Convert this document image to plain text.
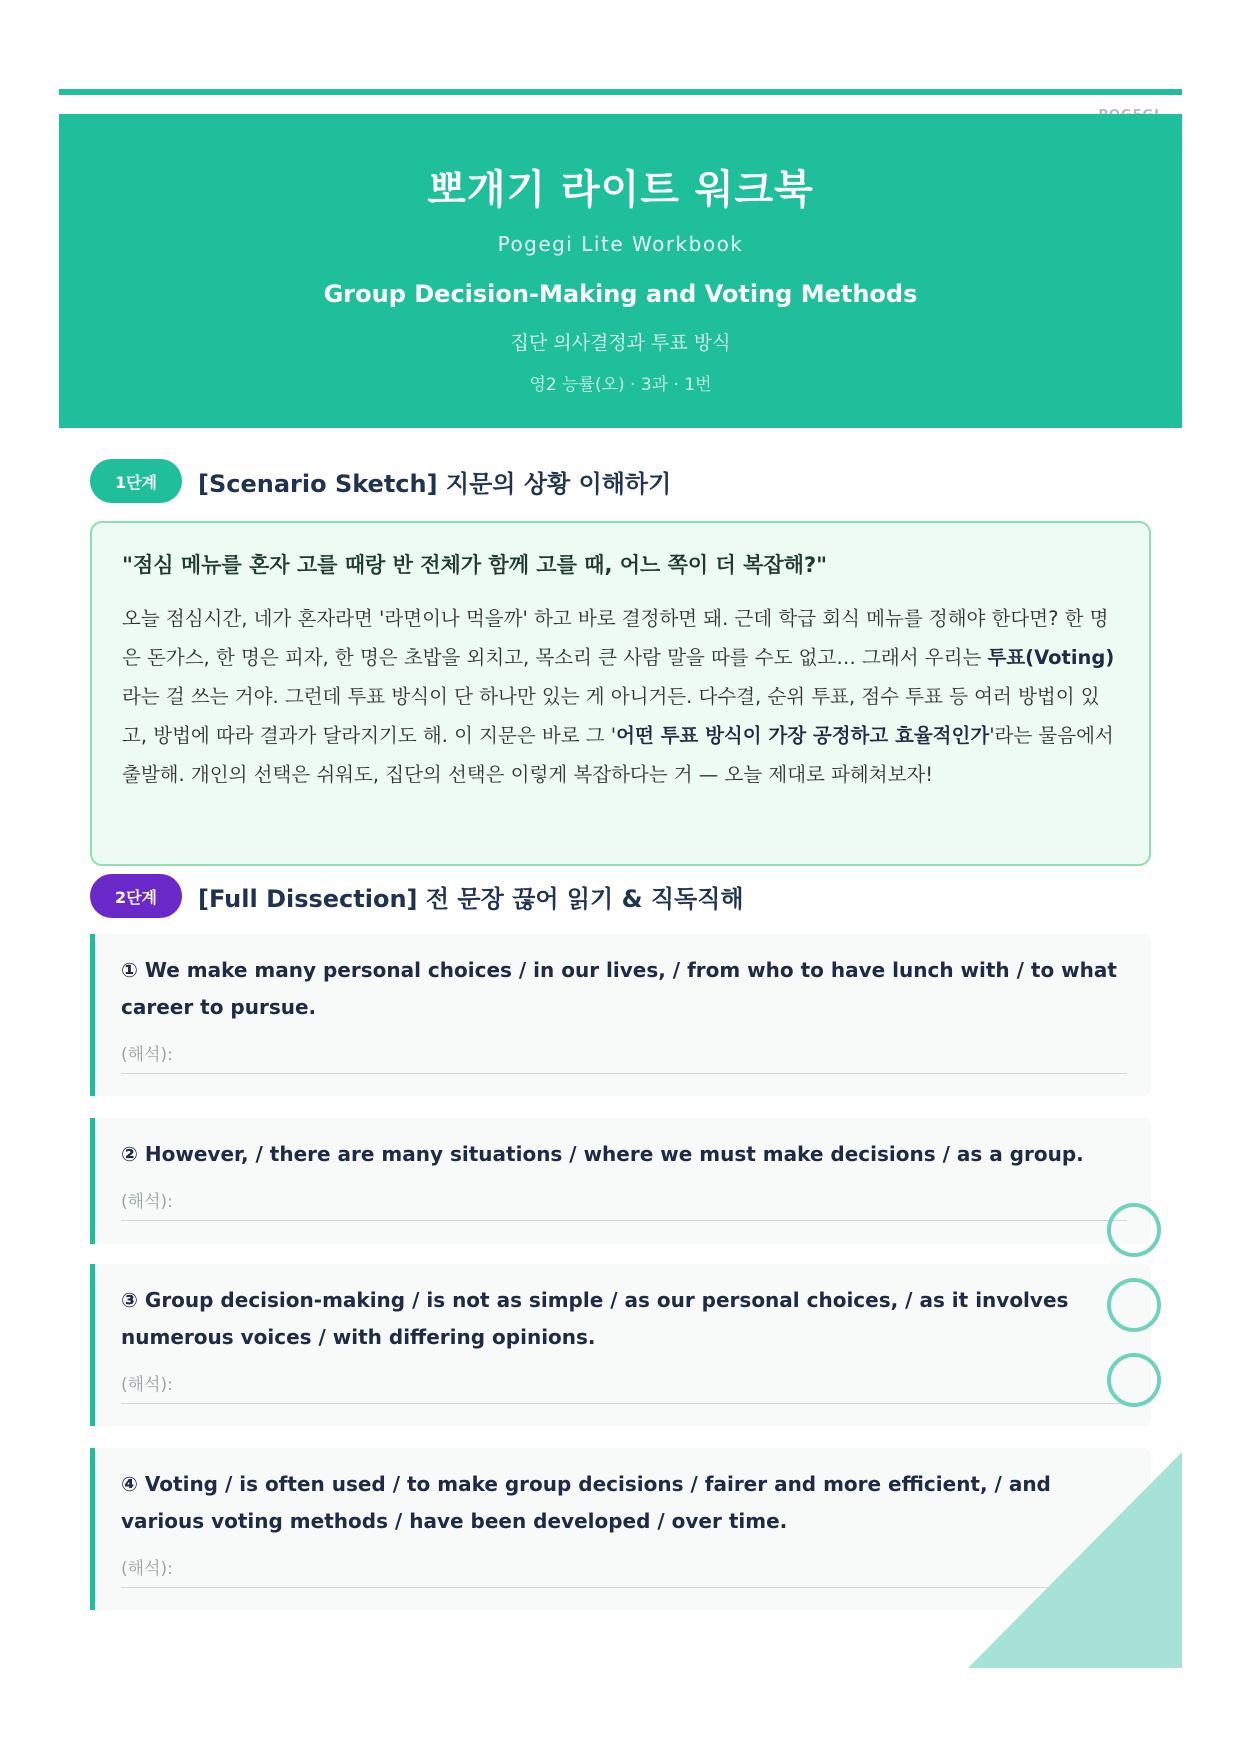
뽀개기 라이트 워크북
Pogegi Lite Workbook
Group Decision-Making and Voting Methods
집단 의사결정과 투표 방식
영2 능률(오) · 3과 · 1번
1단계	[Scenario Sketch] 지문의 상황 이해하기
"점심 메뉴를 혼자 고를 때랑 반 전체가 함께 고를 때, 어느 쪽이 더 복잡해?"
오늘 점심시간, 네가 혼자라면 '라면이나 먹을까' 하고 바로 결정하면 돼. 근데 학급 회식 메뉴를 정해야 한다면? 한 명은 돈가스, 한 명은 피자, 한 명은 초밥을 외치고, 목소리 큰 사람 말을 따를 수도 없고… 그래서 우리는 투표(Voting)라는 걸 쓰는 거야. 그런데 투표 방식이 단 하나만 있는 게 아니거든. 다수결, 순위 투표, 점수 투표 등 여러 방법이 있고, 방법에 따라 결과가 달라지기도 해. 이 지문은 바로 그 '어떤 투표 방식이 가장 공정하고 효율적인가'라는 물음에서 출발해. 개인의 선택은 쉬워도, 집단의 선택은 이렇게 복잡하다는 거 — 오늘 제대로 파헤쳐보자!
2단계	[Full Dissection] 전 문장 끊어 읽기 & 직독직해
① We make many personal choices / in our lives, / from who to have lunch with / to what career to pursue.
(해석):
② However, / there are many situations / where we must make decisions / as a group.
(해석):
③ Group decision-making / is not as simple / as our personal choices, / as it involves numerous voices / with differing opinions.
(해석):
④ Voting / is often used / to make group decisions / fairer and more efficient, / and various voting methods / have been developed / over time.
(해석):
